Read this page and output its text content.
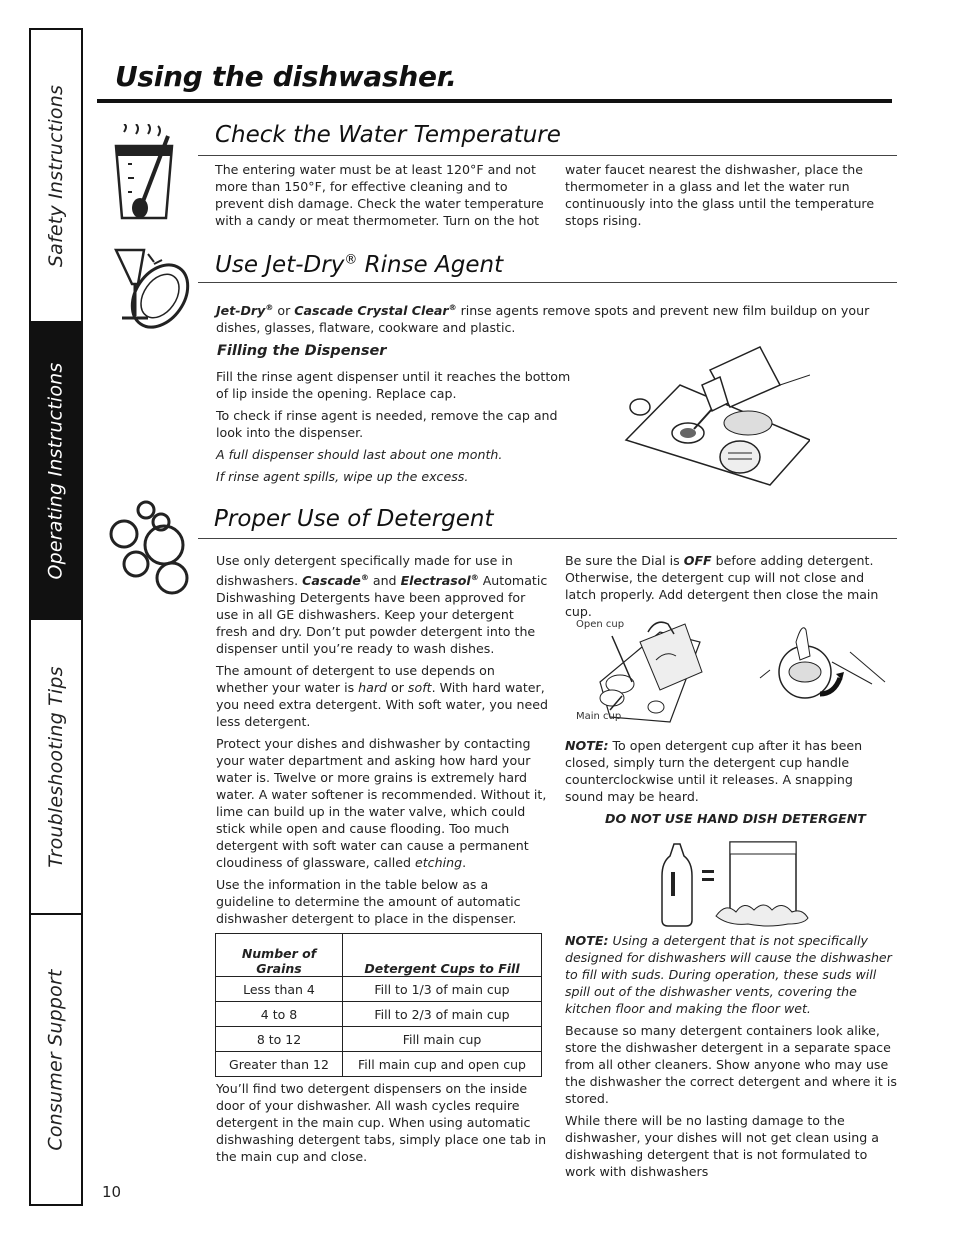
Safety Instructions
Operating Instructions
Troubleshooting Tips
Consumer Support
Using the dishwasher.
Check the Water Temperature
The entering water must be at least 120°F and not more than 150°F, for effective cleaning and to prevent dish damage. Check the water temperature with a candy or meat thermometer. Turn on the hot
water faucet nearest the dishwasher, place the thermometer in a glass and let the water run continuously into the glass until the temperature stops rising.
Use Jet-Dry® Rinse Agent
Jet-Dry® or Cascade Crystal Clear® rinse agents remove spots and prevent new film buildup on your dishes, glasses, flatware, cookware and plastic.
Filling the Dispenser

Fill the rinse agent dispenser until it reaches the bottom of lip inside the opening. Replace cap.

To check if rinse agent is needed, remove the cap and look into the dispenser.

A full dispenser should last about one month.

If rinse agent spills, wipe up the excess.

Proper Use of Detergent

Use only detergent specifically made for use in dishwashers. Cascade® and Electrasol® Automatic Dishwashing Detergents have been approved for use in all GE dishwashers. Keep your detergent fresh and dry. Don’t put powder detergent into the dispenser until you’re ready to wash dishes.

The amount of detergent to use depends on whether your water is hard or soft. With hard water, you need extra detergent. With soft water, you need less detergent.

Protect your dishes and dishwasher by contacting your water department and asking how hard your water is. Twelve or more grains is extremely hard water. A water softener is recommended. Without it, lime can build up in the water valve, which could stick while open and cause flooding. Too much detergent with soft water can cause a permanent cloudiness of glassware, called etching.

Use the information in the table below as a guideline to determine the amount of automatic dishwasher detergent to place in the dispenser.

Number of Grains	Detergent Cups to Fill
Less than 4	Fill to 1/3 of main cup
4 to 8	Fill to 2/3 of main cup
8 to 12	Fill main cup
Greater than 12	Fill main cup and open cup
You’ll find two detergent dispensers on the inside door of your dishwasher. All wash cycles require detergent in the main cup. When using automatic dishwashing detergent tabs, simply place one tab in the main cup and close.
Be sure the Dial is OFF before adding detergent. Otherwise, the detergent cup will not close and latch properly. Add detergent then close the main cup.
Open cup
Main cup
NOTE: To open detergent cup after it has been closed, simply turn the detergent cup handle counterclockwise until it releases. A snapping sound may be heard.
DO NOT USE HAND DISH DETERGENT

NOTE: Using a detergent that is not specifically designed for dishwashers will cause the dishwasher to fill with suds. During operation, these suds will spill out of the dishwasher vents, covering the kitchen floor and making the floor wet.

Because so many detergent containers look alike, store the dishwasher detergent in a separate space from all other cleaners. Show anyone who may use the dishwasher the correct detergent and where it is stored.

While there will be no lasting damage to the dishwasher, your dishes will not get clean using a dishwashing detergent that is not formulated to work with dishwashers

10
